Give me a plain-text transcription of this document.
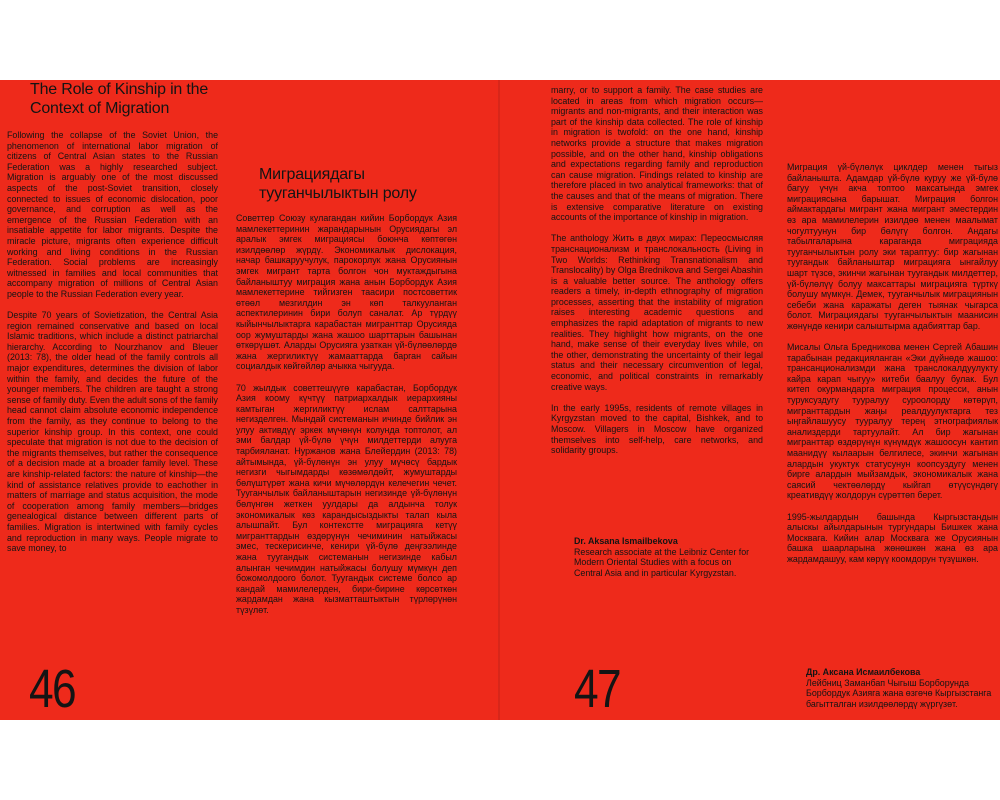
The Role of Kinship in the Context of Migration

Following the collapse of the Soviet Union, the phenomenon of international labor migration of citizens of Central Asian states to the Russian Federation was a highly researched subject. Migration is arguably one of the most discussed aspects of the post-Soviet transition, closely connected to issues of economic dislocation, poor governance, and corruption as well as the emergence of the Russian Federation with an insatiable appetite for labor migrants. Despite the miracle picture, migrants often experience difficult working and living conditions in the Russian Federation. Social problems are increasingly witnessed in families and local communities that accompany migration of millions of Central Asian people to the Russian Federation every year.

Despite 70 years of Sovietization, the Central Asia region remained conservative and based on local Islamic traditions, which include a distinct patriarchal hierarchy. According to Nourzhanov and Bleuer (2013: 78), the older head of the family controls all major expenditures, determines the division of labor within the family, and decides the future of the younger members. The children are taught a strong sense of family duty. Even the adult sons of the family head cannot claim absolute economic independence from the family, as they continue to belong to the superior kinship group. In this context, one could speculate that migration is not due to the decision of the migrants themselves, but rather the consequence of a decision made at a broader family level. These are kinship-related factors: the nature of kinship—the kind of assistance relatives provide to eachother in matters of marriage and status acquisition, the mode of cooperation among family members—bridges genealogical distance between different parts of families. Migration is intertwined with family cycles and reproduction in many ways. People migrate to save money, to

Миграциядагы тууганчылыктын ролу

Советтер Союзу кулагандан кийин Борбордук Азия мамлекеттеринин жарандарынын Орусиядагы эл аралык эмгек миграциясы боюнча көптөгөн изилдөөлөр жүрдү. Экономикалык дислокация, начар башкаруучулук, парокорлук жана Орусиянын эмгек мигрант тарта болгон чон муктаждыгына байланыштуу миграция жана анын Борбордук Азия мамлекеттерине тийгизген таасири постсоветтик өтөөл мезгилдин эн көп талкууланган аспектилеринин бири болуп саналат. Ар түрдүү кыйынчылыктарга карабастан мигранттар Орусияда оор жумуштарды жана жашоо шарттарын башынан өткөрүшөт. Аларды Орусияга узаткан үй-бүлөөлөрдө жана жергиликтүү жамааттарда барган сайын социалдык көйгөйлөр ачыкка чыгууда.

70 жылдык советтешүүгө карабастан, Борбордук Азия коому күчтүү патриархалдык иерархияны камтыган жергиликтүү ислам салттарына негизделген. Мындай системанын ичинде бийлик эн улуу активдүү эркек мүчөнүн колунда топтолот, ал эми балдар үй-бүлө үчүн милдеттерди алууга тарбияланат. Нуржанов жана Блейердин (2013: 78) айтымында, үй-бүлөнүн эн улуу мүчөсү бардык негизги чыгымдарды көзөмөлдөйт, жумуштарды бөлүштүрөт жана кичи мүчөлөрдүн келечегин чечет. Тууганчылык байланыштарын негизинде үй-бүлөнүн бөлүнгөн жеткен уулдары да алдынча толук экономикалык көз карандысыздыкты талап кыла алышпайт. Бул контекстте миграцияга кетүү мигранттардын өздөрүнүн чечиминин натыйжасы эмес, тескерисинче, кенири үй-бүлө деңгээлинде жана туугандык системанын негизинде кабыл алынган чечимдин натыйжасы болушу мүмкүн деп божомолдоого болот. Туугандык системе болсо ар кандай мамилелерден, бири-бирине көрсөткөн жардамдан жана кызматташтыктын түрлөрүнөн түзүлөт.

46

marry, or to support a family. The case studies are located in areas from which migration occurs—migrants and non-migrants, and their interaction was part of the kinship data collected. The role of kinship in migration is twofold: on the one hand, kinship networks provide a structure that makes migration possible, and on the other hand, kinship obligations and expectations regarding family and reproduction can cause migration. Findings related to kinship are therefore placed in two analytical frameworks: that of the causes and that of the means of migration. There is extensive comparative literature on existing accounts of the importance of kinship in migration.

The anthology Жить в двух мирах: Переосмысляя транснационализм и транслокальность (Living in Two Worlds: Rethinking Transnationalism and Translocality) by Olga Brednikova and Sergei Abashin is a valuable better source. The anthology offers readers a timely, in-depth ethnography of migration processes, asserting that the instability of migration raises interesting academic questions and emphasizes the rapid adaptation of migrants to new realities. They highlight how migrants, on the one hand, make sense of their everyday lives while, on the other, demonstrating the uncertainty of their legal status and their necessary circumvention of legal, economic, and political constraints in remarkably creative ways.

In the early 1995s, residents of remote villages in Kyrgyzstan moved to the capital, Bishkek, and to Moscow. Villagers in Moscow have organized themselves into self-help, care networks, and solidarity groups.

Dr. Aksana Ismailbekova
Research associate at the Leibniz Center for Modern Oriental Studies with a focus on Central Asia and in particular Kyrgyzstan.

Миграция үй-бүлөлүк циклдер менен тыгыз байланышта. Адамдар үй-бүлө куруу же үй-бүлө багуу үчүн акча топтоо максатында эмгек миграциясына барышат. Миграция болгон аймактардагы мигрант жана мигрант эместердин өз ара мамилелерин изилдөө менен маалымат чогултуунун бир бөлүгү болгон. Андагы табылгаларына караганда миграцияда тууганчылыктын ролу эки тараптуу: бир жагынан туугандык байланыштар миграцияга ынгайлуу шарт түзсө, экинчи жагынан туугандык милдеттер, үй-бүлөлүү болуу максаттары миграцияга түрткү болушу мүмкүн. Демек, тууганчылык миграциянын себеби жана каражаты деген тыянак чыгарса болот. Миграциядагы тууганчылыктын маанисин жөнүндө кенири салыштырма адабияттар бар.

Мисалы Ольга Бредникова менен Сергей Абашин тарабынан редакцияланган «Эки дүйнөдө жашоо: трансанционализмди жана транслокалдуулукту кайра карап чыгуу» китеби баалуу булак. Бул китеп окурмандарга миграция процесси, анын туруксуздугу тууралуу суроолорду көтөрүп, мигранттардын жаңы реалдуулуктарга тез ыңгайлашуусу тууралуу терең этнографиялык анализдерди тартуулайт. Ал бир жагынан мигранттар өздөрүнүн күнүмдүк жашоосун кантип маанидүү кылаарын белгилесе, экинчи жагынан алардын укуктук статусунун коопсуздугу менен бирге алардын мыйзамдык, экономикалык жана саясий чектөөлөрдү кыйгап өтүүсүндөгү креативдүү жолдорун сүрөттөп берет.

1995-жылдардын башында Кыргызстандын алыскы айылдарынын тургундары Бишкек жана Москвага. Кийин алар Москвага же Орусиянын башка шаарларына жөнөшкөн жана өз ара жардамдашуу, кам көрүү коомдорун түзүшкөн.

Др. Аксана Исмаилбекова
Лейбниц Заманбап Чыгыш Борборунда Борбордук Азияга жана өзгөчө Кыргызстанга багытталган изилдөөлөрдү жүргүзөт.
47
